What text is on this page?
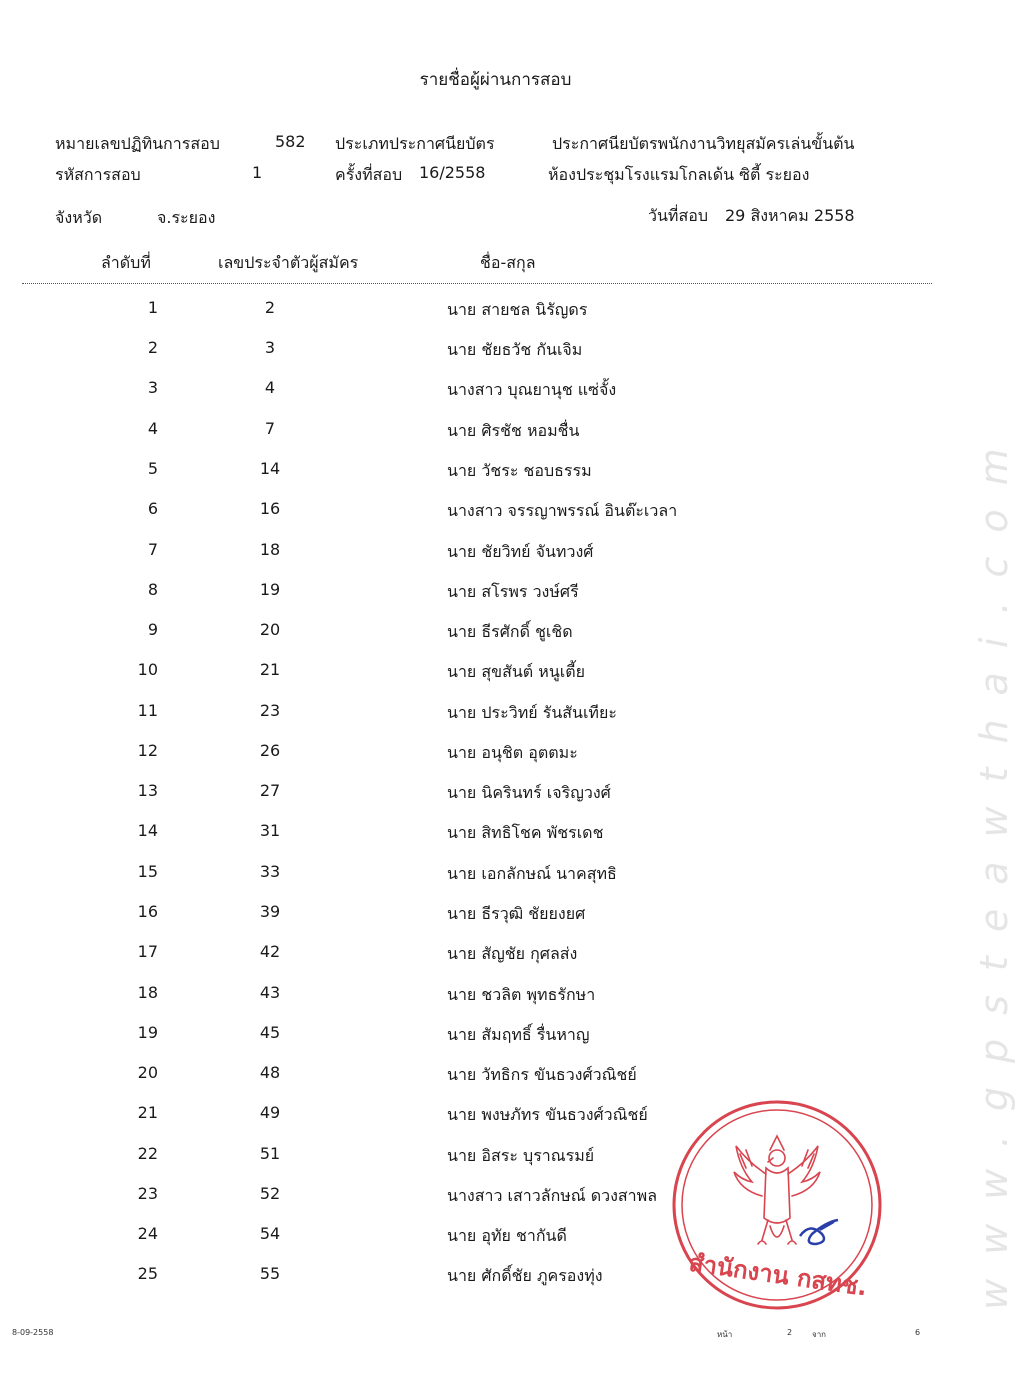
รายชื่อผู้ผ่านการสอบ
หมายเลขปฏิทินการสอบ	582 ประเภทประกาศนียบัตร	ประกาศนียบัตรพนักงานวิทยุสมัครเล่นขั้นต้น
รหัสการสอบ	1	ครั้งที่สอบ 16/2558	ห้องประชุมโรงแรมโกลเด้น ซิตี้ ระยอง
จังหวัด	จ.ระยอง	วันที่สอบ 29 สิงหาคม 2558
ลำดับที่	เลขประจำตัวผู้สมัคร	ชื่อ-สกุล
1	2	นาย สายชล นิรัญดร
2	3	นาย ชัยธวัช กันเจิม
3	4	นางสาว บุณยานุช แซ่จั้ง
4	7	นาย ศิรชัช หอมชื่น
5	14	นาย วัชระ ชอบธรรม
6	16	นางสาว จรรญาพรรณ์ อินต๊ะเวลา
7	18	นาย ชัยวิทย์ จันทวงศ์
8	19	นาย สโรพร วงษ์ศรี
9	20	นาย ธีรศักดิ์ ชูเชิด
10	21	นาย สุขสันต์ หนูเตี้ย
11	23	นาย ประวิทย์ รันสันเทียะ
12	26	นาย อนุชิต อุตตมะ
13	27	นาย นิครินทร์ เจริญวงศ์
14	31	นาย สิทธิโชค พัชรเดช
15	33	นาย เอกลักษณ์ นาคสุทธิ
16	39	นาย ธีรวุฒิ ชัยยงยศ
17	42	นาย สัญชัย กุศลส่ง
18	43	นาย ชวลิต พุทธรักษา
19	45	นาย สัมฤทธิ์ รื่นหาญ
20	48	นาย วัทธิกร ขันธวงศ์วณิชย์
21	49	นาย พงษภัทร ขันธวงศ์วณิชย์
22	51	นาย อิสระ บุราณรมย์
23	52	นางสาว เสาวลักษณ์ ดวงสาพล
24	54	นาย อุทัย ชากันดี
25	55	นาย ศักดิ์ชัย ภูครองทุ่ง	www.gpsteawthai.com
สำนักงาน กสทช.
8-09-2558	หน้า	2 จาก	6
